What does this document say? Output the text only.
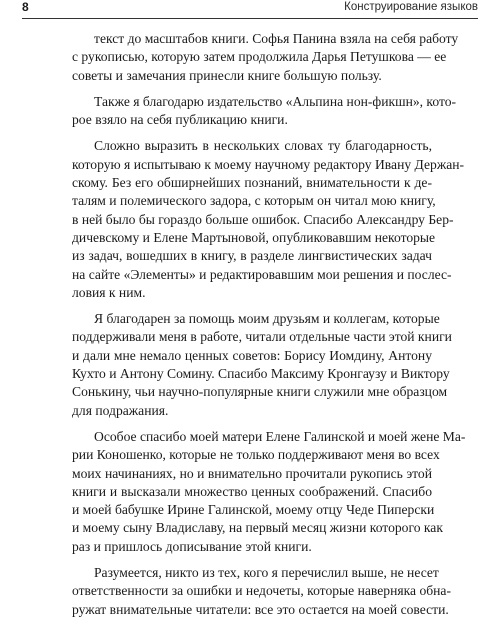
8	Конструирование языков
текст до масштабов книги. Софья Панина взяла на себя работу
с рукописью, которую затем продолжила Дарья Петушкова — ее
советы и замечания принесли книге большую пользу.
Также я благодарю издательство «Альпина нон-фикшн», кото-
рое взяло на себя публикацию книги.
Сложно выразить в нескольких словах ту благодарность,
которую я испытываю к моему научному редактору Ивану Держан-
скому. Без его обширнейших познаний, внимательности к де-
талям и полемического задора, с которым он читал мою книгу,
в ней было бы гораздо больше ошибок. Спасибо Александру Бер-
дичевскому и Елене Мартыновой, опубликовавшим некоторые
из задач, вошедших в книгу, в разделе лингвистических задач
на сайте «Элементы» и редактировавшим мои решения и послес-
ловия к ним.
Я благодарен за помощь моим друзьям и коллегам, которые
поддерживали меня в работе, читали отдельные части этой книги
и дали мне немало ценных советов: Борису Иомдину, Антону
Кухто и Антону Сомину. Спасибо Максиму Кронгаузу и Виктору
Сонькину, чьи научно-популярные книги служили мне образцом
для подражания.
Особое спасибо моей матери Елене Галинской и моей жене Ма-
рии Коношенко, которые не только поддерживают меня во всех
моих начинаниях, но и внимательно прочитали рукопись этой
книги и высказали множество ценных соображений. Спасибо
и моей бабушке Ирине Галинской, моему отцу Чеде Пиперски
и моему сыну Владиславу, на первый месяц жизни которого как
раз и пришлось дописывание этой книги.
Разумеется, никто из тех, кого я перечислил выше, не несет
ответственности за ошибки и недочеты, которые наверняка обна-
ружат внимательные читатели: все это остается на моей совести.
